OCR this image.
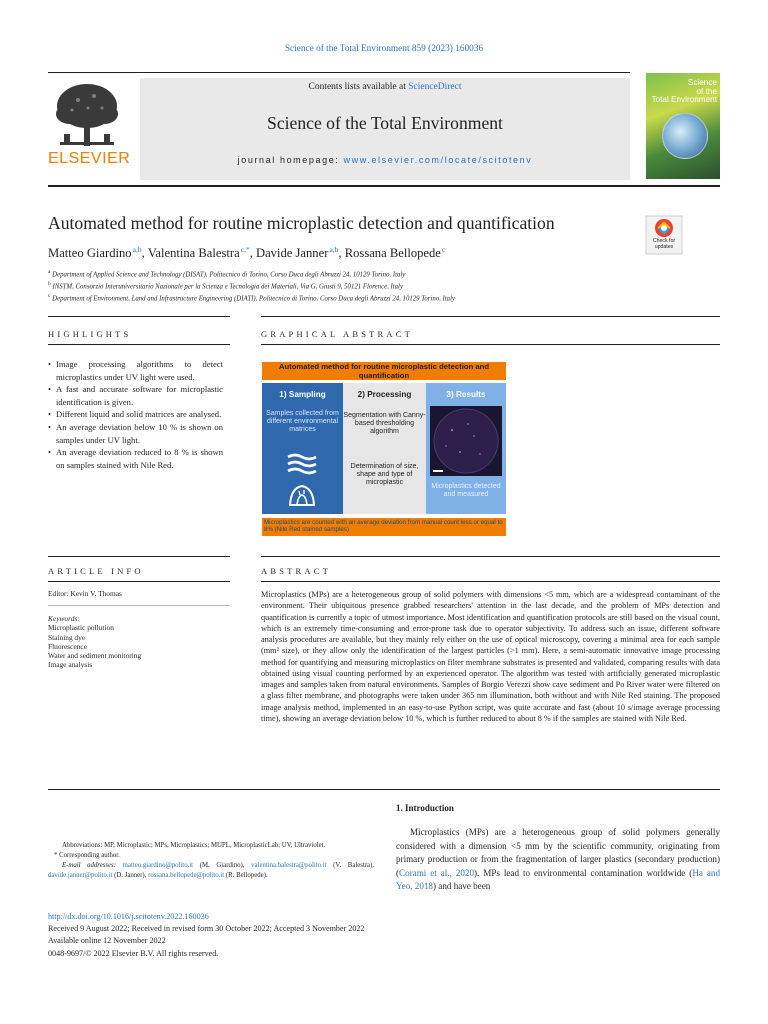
Science of the Total Environment 859 (2023) 160036
ELSEVIER
Contents lists available at ScienceDirect
Science of the Total Environment
journal homepage: www.elsevier.com/locate/scitotenv
Science
of the
Total Environment
Automated method for routine microplastic detection and quantification
Check for
updates
Matteo Giardino $^{a,b}$, Valentina Balestra $^{c,*}$, Davide Janner $^{a,b}$, Rossana Bellopede $^c$
$^a$ Department of Applied Science and Technology (DISAT), Politecnico di Torino, Corso Duca degli Abruzzi 24, 10129 Torino, Italy
$^b$ INSTM, Consorzio Interuniversitario Nazionale per la Scienza e Tecnologia dei Materiali, Via G. Giusti 9, 50121 Florence, Italy
$^c$ Department of Environment, Land and Infrastructure Engineering (DIATI), Politecnico di Torino, Corso Duca degli Abruzzi 24, 10129 Torino, Italy
HIGHLIGHTS
• Image processing algorithms to detect microplastics under UV light were used.
• A fast and accurate software for microplastic identification is given.
• Different liquid and solid matrices are analysed.
• An average deviation below 10 % is shown on samples under UV light.
• An average deviation reduced to 8 % is shown on samples stained with Nile Red.
GRAPHICAL ABSTRACT
Automated method for routine microplastic detection and quantification
1) Sampling
Samples collected from different environmental matrices
2) Processing
Segmentation with Canny-based thresholding algorithm
Determination of size, shape and type of microplastic
3) Results
Microplastics detected and measured
Microplastics are counted with an average deviation from manual count less or equal to 8% (Nile Red stained samples)
ARTICLE INFO
Editor: Kevin V. Thomas
Keywords:
Microplastic pollution
Staining dye
Fluorescence
Water and sediment monitoring
Image analysis
ABSTRACT
Microplastics (MPs) are a heterogeneous group of solid polymers with dimensions <5 mm, which are a widespread contaminant of the environment. Their ubiquitous presence grabbed researchers' attention in the last decade, and the problem of MPs detection and quantification is currently a topic of utmost importance. Most identification and quantification protocols are still based on the visual count, which is an extremely time-consuming and error-prone task due to operator subjectivity. To address such an issue, different software analysis procedures are available, but they mainly rely either on the use of optical microscopy, covering a minimal area for each sample (mm² size), or they allow only the identification of the largest particles (>1 mm). Here, a semi-automatic innovative image processing method for quantifying and measuring microplastics on filter membrane substrates is presented and validated, comparing results with data obtained using visual counting performed by an experienced operator. The algorithm was tested with artificially generated microplastic images and samples taken from natural environments. Samples of Borgio Verezzi show cave sediment and Po River water were filtered on a glass filter membrane, and photographs were taken under 365 nm illumination, both without and with Nile Red staining. The proposed image analysis method, implemented in an easy-to-use Python script, was quite accurate and fast (about 10 s/image average processing time), showing an average deviation below 10 %, which is further reduced to about 8 % if the samples are stained with Nile Red.
1. Introduction
Microplastics (MPs) are a heterogeneous group of solid polymers generally considered with a dimension <5 mm by the scientific community, originating from primary production or from the fragmentation of larger plastics (secondary production) (Corami et al., 2020). MPs lead to environmental contamination worldwide (Ha and Yeo, 2018) and have been
Abbreviations: MP, Microplastic; MPs, Microplastics; MUPL, MicroplasticLab; UV, Ultraviolet.
* Corresponding author.
E-mail addresses: matteo.giardino@polito.it (M. Giardino), valentina.balestra@polito.it (V. Balestra), davide.janner@polito.it (D. Janner), rossana.bellopede@polito.it (R. Bellopede).
http://dx.doi.org/10.1016/j.scitotenv.2022.160036
Received 9 August 2022; Received in revised form 30 October 2022; Accepted 3 November 2022
Available online 12 November 2022
0048-9697/© 2022 Elsevier B.V. All rights reserved.
